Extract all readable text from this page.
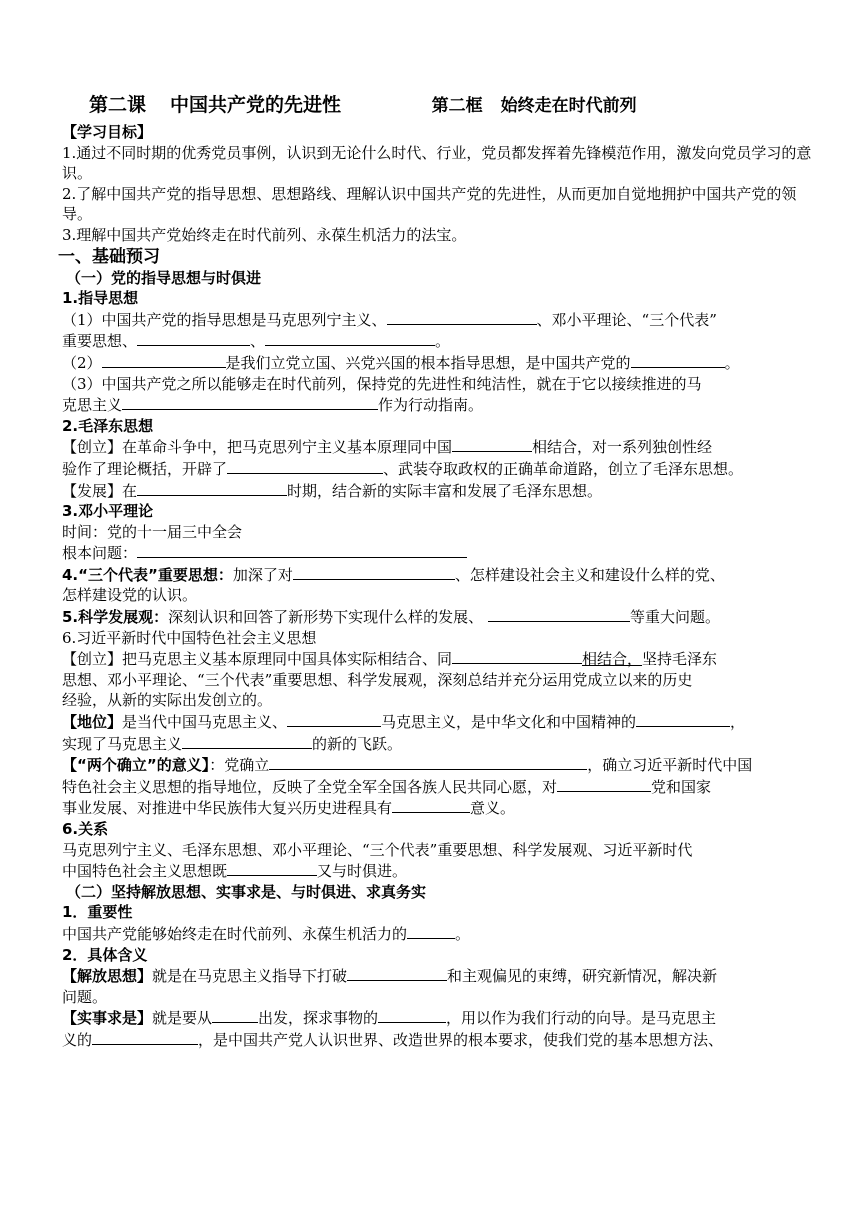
第二课 中国共产党的先进性	第二框 始终走在时代前列

【学习目标】

1.通过不同时期的优秀党员事例，认识到无论什么时代、行业，党员都发挥着先锋模范作用，激发向党员学习的意识。

2.了解中国共产党的指导思想、思想路线、理解认识中国共产党的先进性，从而更加自觉地拥护中国共产党的领导。

3.理解中国共产党始终走在时代前列、永葆生机活力的法宝。

一、基础预习

（一）党的指导思想与时俱进

1.指导思想

（1）中国共产党的指导思想是马克思列宁主义、	、邓小平理论、“三个代表”

重要思想、	、	。

（2）	是我们立党立国、兴党兴国的根本指导思想，是中国共产党的	。

（3）中国共产党之所以能够走在时代前列，保持党的先进性和纯洁性，就在于它以接续推进的马

克思主义	作为行动指南。

2.毛泽东思想

【创立】在革命斗争中，把马克思列宁主义基本原理同中国	相结合，对一系列独创性经

验作了理论概括，开辟了	、武装夺取政权的正确革命道路，创立了毛泽东思想。

【发展】在	时期，结合新的实际丰富和发展了毛泽东思想。

3.邓小平理论

时间：党的十一届三中全会

根本问题：

4.“三个代表”重要思想：加深了对	、怎样建设社会主义和建设什么样的党、

怎样建设党的认识。

5.科学发展观：深刻认识和回答了新形势下实现什么样的发展、	等重大问题。

6.习近平新时代中国特色社会主义思想

【创立】把马克思主义基本原理同中国具体实际相结合、同	相结合，坚持毛泽东

思想、邓小平理论、“三个代表”重要思想、科学发展观，深刻总结并充分运用党成立以来的历史

经验，从新的实际出发创立的。

【地位】是当代中国马克思主义、	马克思主义，是中华文化和中国精神的	，

实现了马克思主义	的新的飞跃。

【“两个确立”的意义】：党确立	，确立习近平新时代中国

特色社会主义思想的指导地位，反映了全党全军全国各族人民共同心愿，对	党和国家

事业发展、对推进中华民族伟大复兴历史进程具有	意义。

6.关系

马克思列宁主义、毛泽东思想、邓小平理论、“三个代表”重要思想、科学发展观、习近平新时代

中国特色社会主义思想既	又与时俱进。

（二）坚持解放思想、实事求是、与时俱进、求真务实

1．重要性

中国共产党能够始终走在时代前列、永葆生机活力的	。

2．具体含义

【解放思想】就是在马克思主义指导下打破	和主观偏见的束缚，研究新情况，解决新

问题。

【实事求是】就是要从	出发，探求事物的	，用以作为我们行动的向导。是马克思主

义的	，是中国共产党人认识世界、改造世界的根本要求，使我们党的基本思想方法、
